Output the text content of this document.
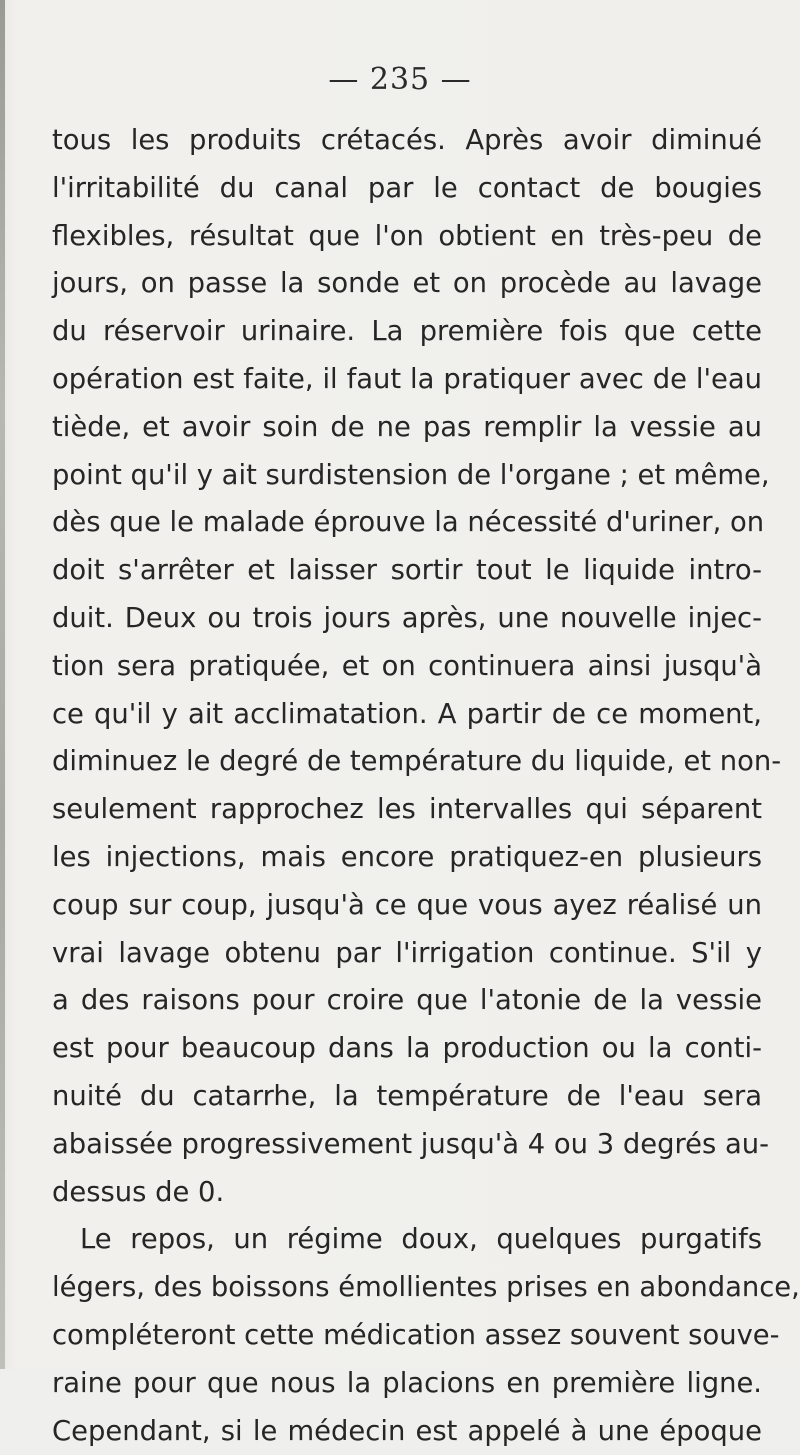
— 235 —
tous les produits crétacés. Après avoir diminué
l'irritabilité du canal par le contact de bougies
flexibles, résultat que l'on obtient en très-peu de
jours, on passe la sonde et on procède au lavage
du réservoir urinaire. La première fois que cette
opération est faite, il faut la pratiquer avec de l'eau
tiède, et avoir soin de ne pas remplir la vessie au
point qu'il y ait surdistension de l'organe ; et même,
dès que le malade éprouve la nécessité d'uriner, on
doit s'arrêter et laisser sortir tout le liquide intro-
duit. Deux ou trois jours après, une nouvelle injec-
tion sera pratiquée, et on continuera ainsi jusqu'à
ce qu'il y ait acclimatation. A partir de ce moment,
diminuez le degré de température du liquide, et non-
seulement rapprochez les intervalles qui séparent
les injections, mais encore pratiquez-en plusieurs
coup sur coup, jusqu'à ce que vous ayez réalisé un
vrai lavage obtenu par l'irrigation continue. S'il y
a des raisons pour croire que l'atonie de la vessie
est pour beaucoup dans la production ou la conti-
nuité du catarrhe, la température de l'eau sera
abaissée progressivement jusqu'à 4 ou 3 degrés au-
dessus de 0.
Le repos, un régime doux, quelques purgatifs
légers, des boissons émollientes prises en abondance,
compléteront cette médication assez souvent souve-
raine pour que nous la placions en première ligne.
Cependant, si le médecin est appelé à une époque
